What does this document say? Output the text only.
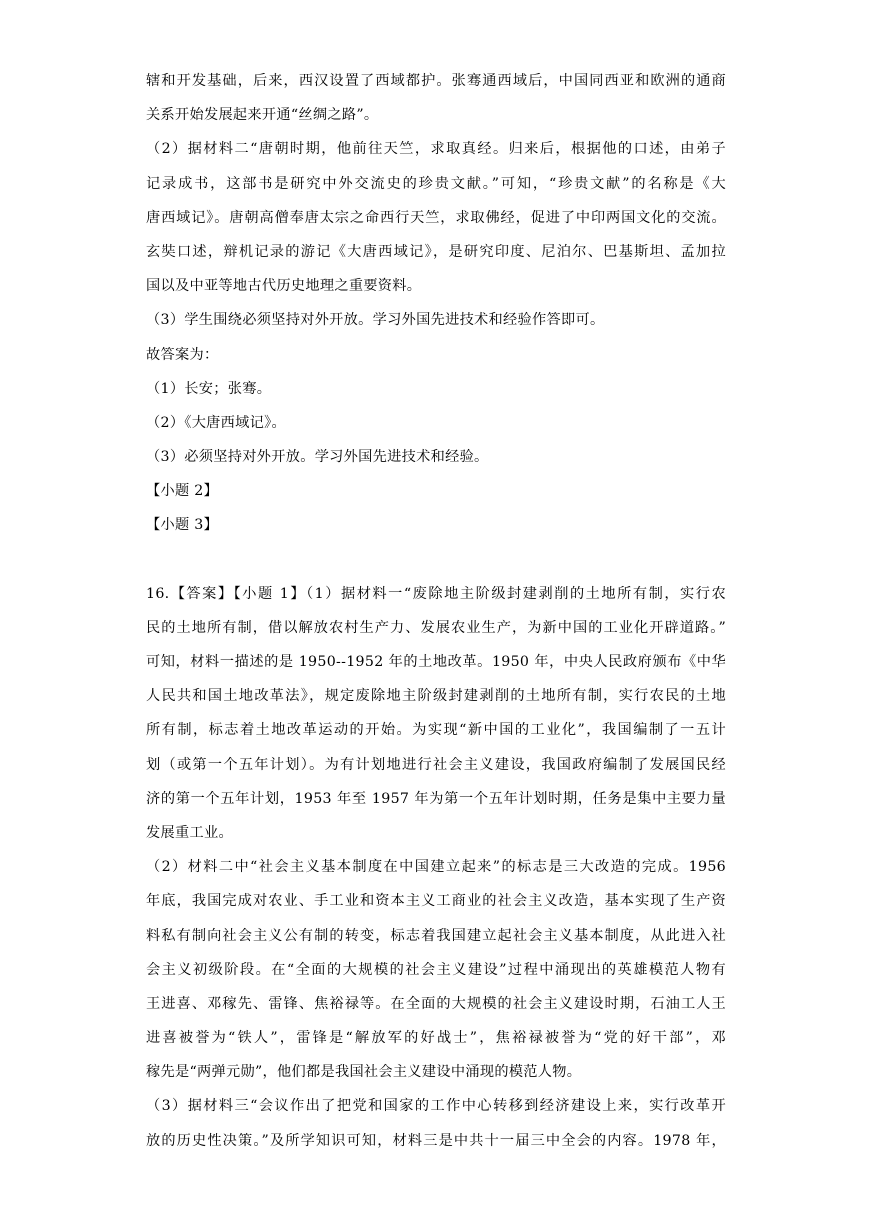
辖和开发基础，后来，西汉设置了西域都护。张骞通西域后，中国同西亚和欧洲的通商
关系开始发展起来开通“丝绸之路”。
（2）据材料二“唐朝时期，他前往天竺，求取真经。归来后，根据他的口述，由弟子
记录成书，这部书是研究中外交流史的珍贵文献。”可知，“珍贵文献”的名称是《大
唐西域记》。唐朝高僧奉唐太宗之命西行天竺，求取佛经，促进了中印两国文化的交流。
玄奘口述，辩机记录的游记《大唐西域记》，是研究印度、尼泊尔、巴基斯坦、孟加拉
国以及中亚等地古代历史地理之重要资料。
（3）学生围绕必须坚持对外开放。学习外国先进技术和经验作答即可。
故答案为：
（1）长安；张骞。
（2）《大唐西域记》。
（3）必须坚持对外开放。学习外国先进技术和经验。
【小题 2】
【小题 3】
16.【答案】【小题 1】（1）据材料一“废除地主阶级封建剥削的土地所有制，实行农
民的土地所有制，借以解放农村生产力、发展农业生产，为新中国的工业化开辟道路。”
可知，材料一描述的是 1950--1952 年的土地改革。1950 年，中央人民政府颁布《中华
人民共和国土地改革法》，规定废除地主阶级封建剥削的土地所有制，实行农民的土地
所有制，标志着土地改革运动的开始。为实现“新中国的工业化”，我国编制了一五计
划（或第一个五年计划）。为有计划地进行社会主义建设，我国政府编制了发展国民经
济的第一个五年计划，1953 年至 1957 年为第一个五年计划时期，任务是集中主要力量
发展重工业。
（2）材料二中“社会主义基本制度在中国建立起来”的标志是三大改造的完成。1956
年底，我国完成对农业、手工业和资本主义工商业的社会主义改造，基本实现了生产资
料私有制向社会主义公有制的转变，标志着我国建立起社会主义基本制度，从此进入社
会主义初级阶段。在“全面的大规模的社会主义建设”过程中涌现出的英雄模范人物有
王进喜、邓稼先、雷锋、焦裕禄等。在全面的大规模的社会主义建设时期，石油工人王
进喜被誉为“铁人”，雷锋是“解放军的好战士”，焦裕禄被誉为“党的好干部”，邓
稼先是“两弹元勋”，他们都是我国社会主义建设中涌现的模范人物。
（3）据材料三“会议作出了把党和国家的工作中心转移到经济建设上来，实行改革开
放的历史性决策。”及所学知识可知，材料三是中共十一届三中全会的内容。1978 年，
